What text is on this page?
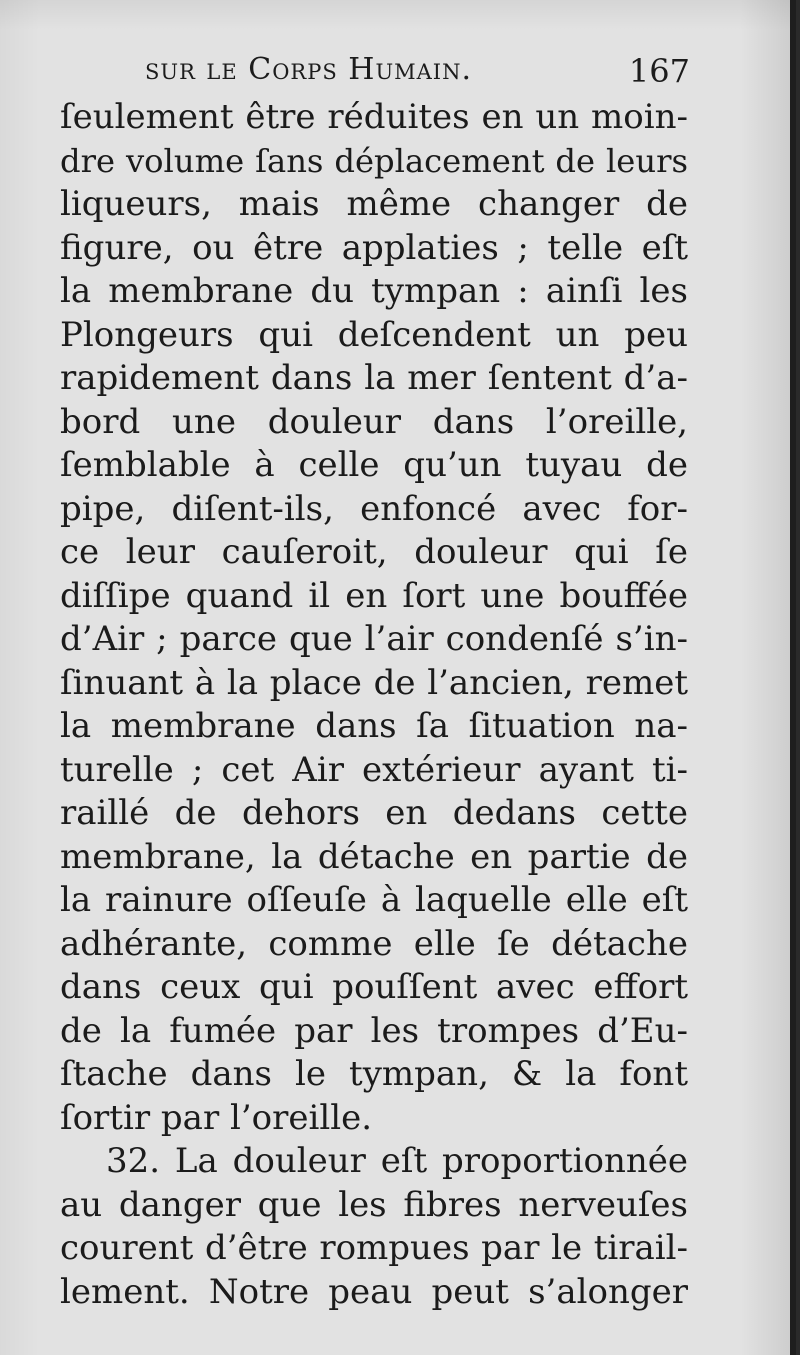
sur le Corps Humain.	167
ſeulement être réduites en un moin-
dre volume ſans déplacement de leurs
liqueurs, mais même changer de
figure, ou être applaties ; telle eſt
la membrane du tympan : ainſi les
Plongeurs qui deſcendent un peu
rapidement dans la mer ſentent d’a-
bord une douleur dans l’oreille,
ſemblable à celle qu’un tuyau de
pipe, diſent-ils, enfoncé avec for-
ce leur cauſeroit, douleur qui ſe
diſſipe quand il en ſort une bouffée
d’Air ; parce que l’air condenſé s’in-
ſinuant à la place de l’ancien, remet
la membrane dans ſa ſituation na-
turelle ; cet Air extérieur ayant ti-
raillé de dehors en dedans cette
membrane, la détache en partie de
la rainure oſſeuſe à laquelle elle eſt
adhérante, comme elle ſe détache
dans ceux qui pouſſent avec effort
de la fumée par les trompes d’Eu-
ſtache dans le tympan, & la font
ſortir par l’oreille.
32. La douleur eſt proportionnée
au danger que les fibres nerveuſes
courent d’être rompues par le tirail-
lement. Notre peau peut s’alonger
